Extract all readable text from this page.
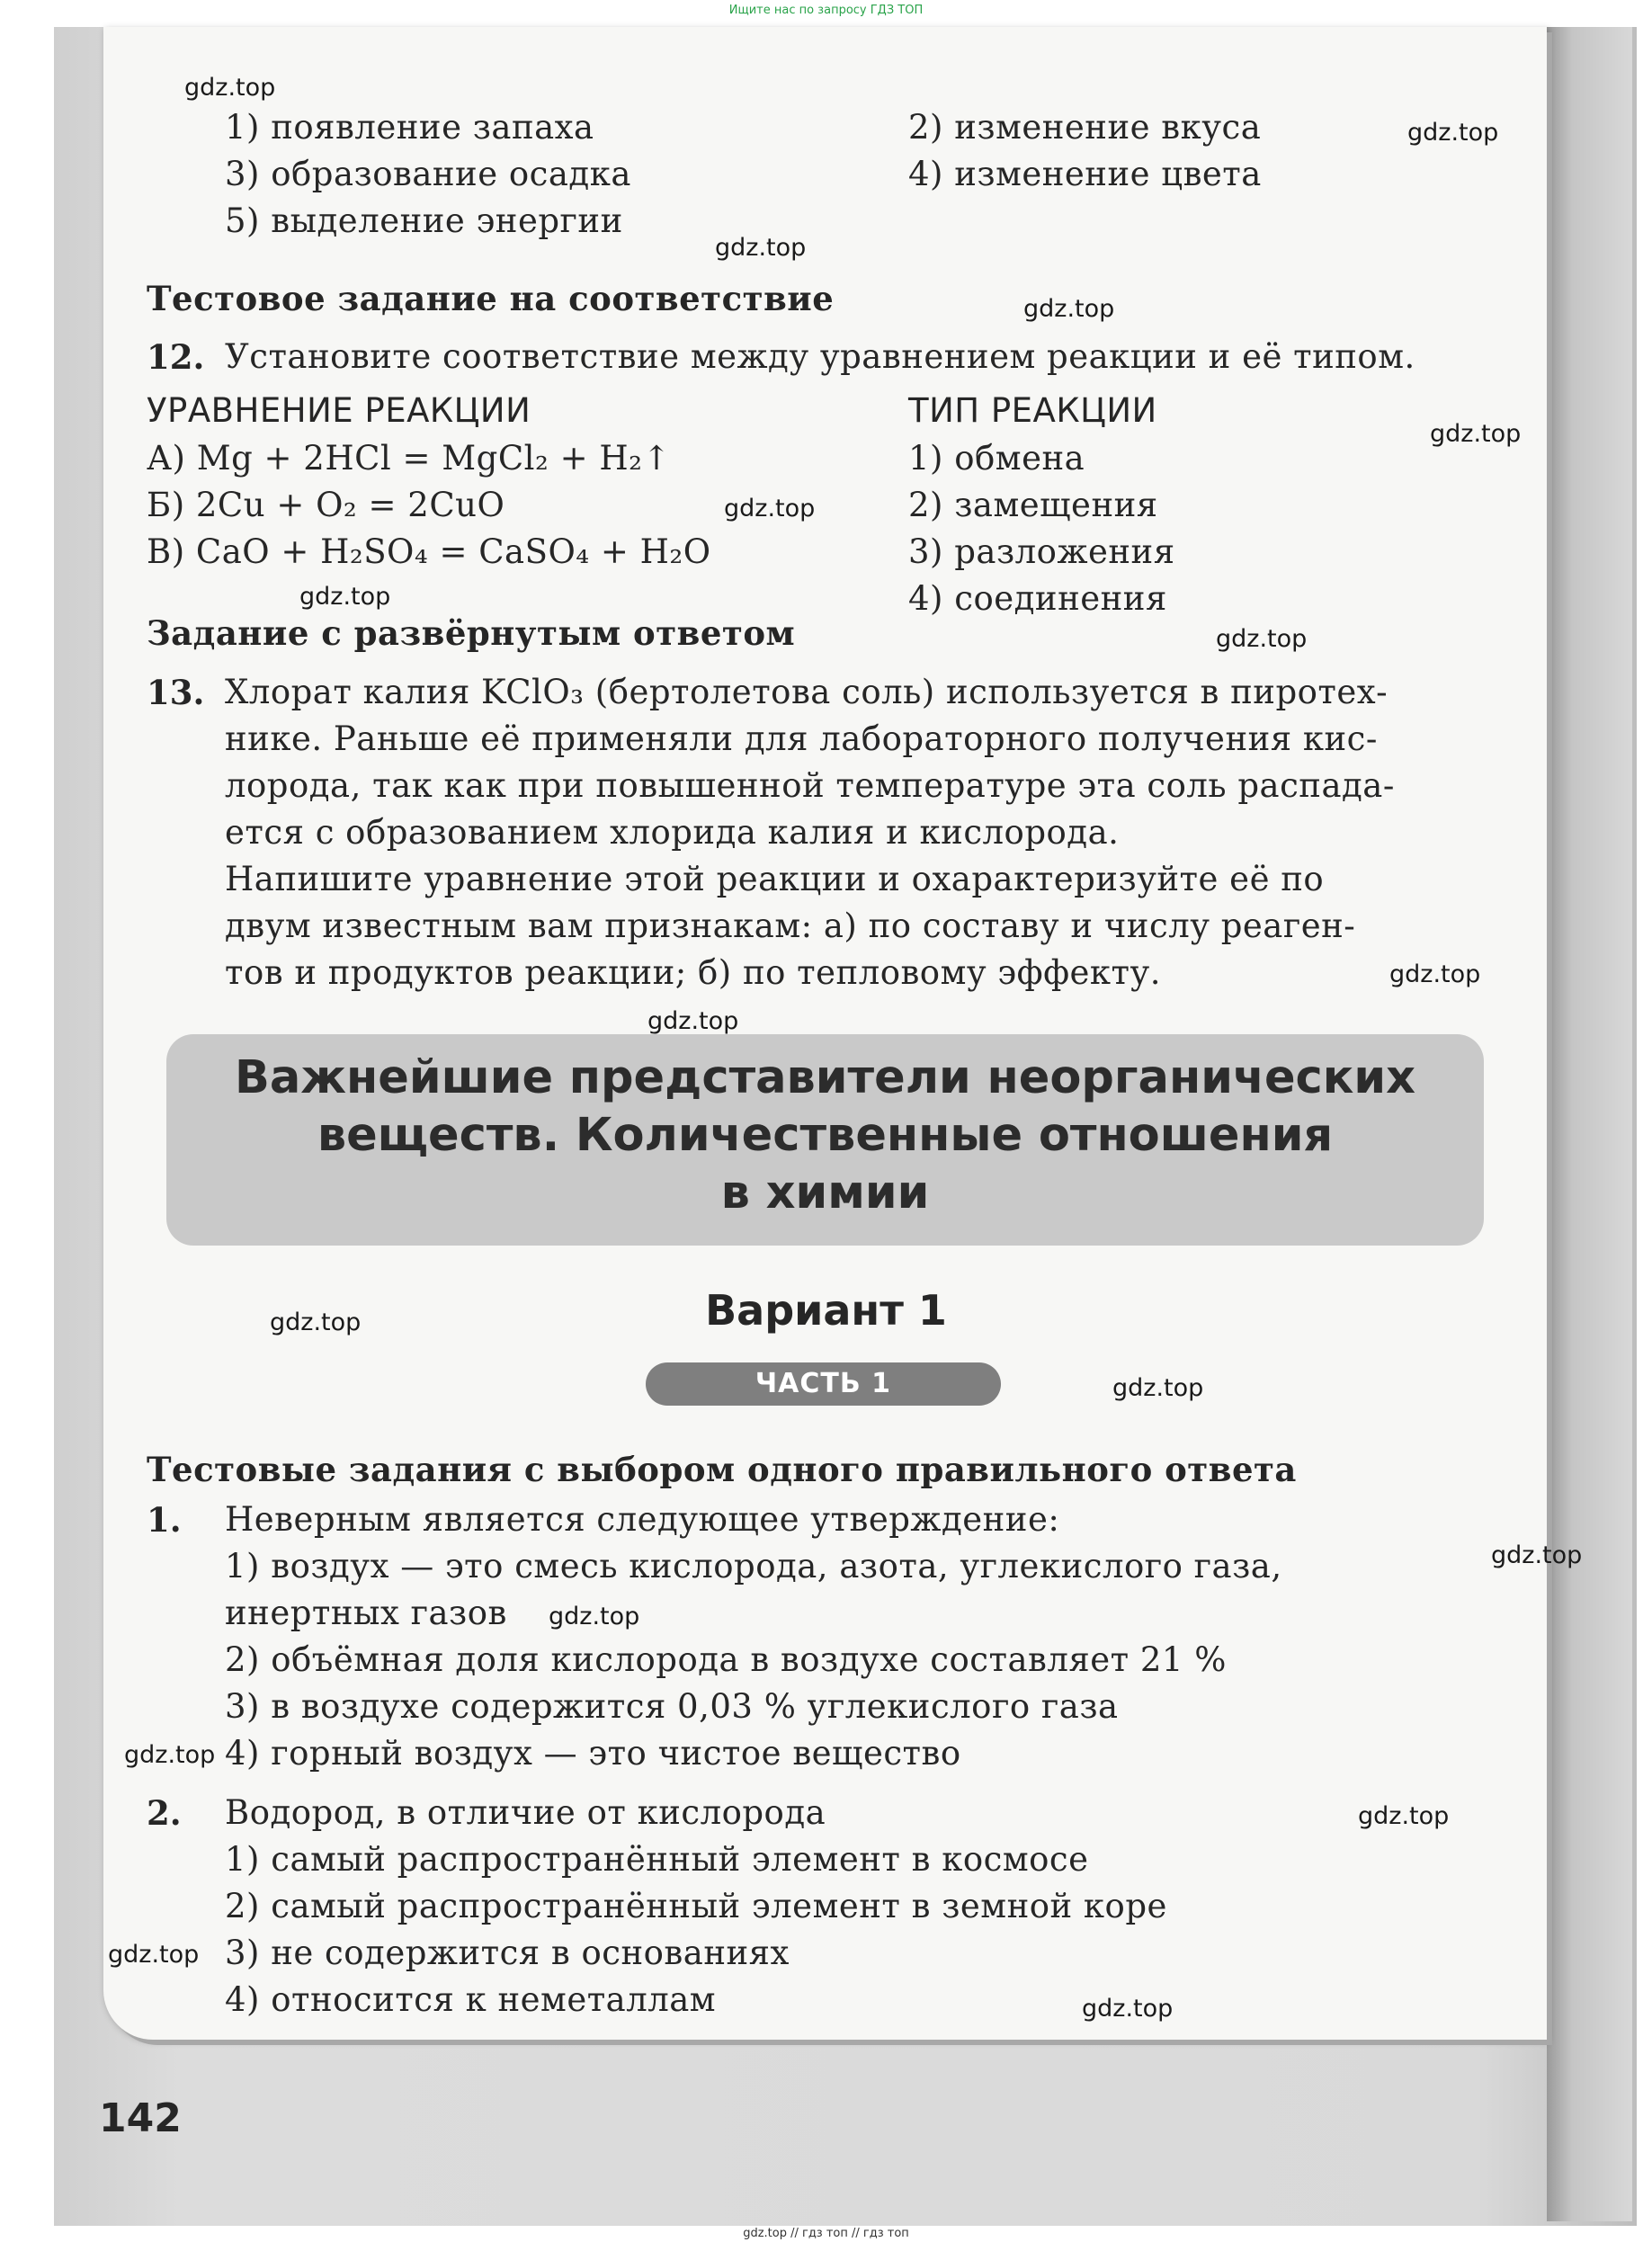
Ищите нас по запросу ГДЗ ТОП
1) появление запаха	2) изменение вкуса
3) образование осадка	4) изменение цвета
5) выделение энергии
Тестовое задание на соответствие
12. Установите соответствие между уравнением реакции и её типом.
УРАВНЕНИЕ РЕАКЦИИ	ТИП РЕАКЦИИ
А) Mg + 2HCl = MgCl₂ + H₂↑	1) обмена
Б) 2Cu + O₂ = 2CuO	2) замещения
В) CaO + H₂SO₄ = CaSO₄ + H₂O	3) разложения
4) соединения
Задание с развёрнутым ответом
13. Хлорат калия KClO₃ (бертолетова соль) используется в пиротех-
нике. Раньше её применяли для лабораторного получения кис-
лорода, так как при повышенной температуре эта соль распада-
ется с образованием хлорида калия и кислорода.
Напишите уравнение этой реакции и охарактеризуйте её по
двум известным вам признакам: а) по составу и числу реаген-
тов и продуктов реакции; б) по тепловому эффекту.
Важнейшие представители неорганических
веществ. Количественные отношения
в химии
Вариант 1
ЧАСТЬ 1
Тестовые задания с выбором одного правильного ответа
1. Неверным является следующее утверждение:
1) воздух — это смесь кислорода, азота, углекислого газа,
инертных газов
2) объёмная доля кислорода в воздухе составляет 21 %
3) в воздухе содержится 0,03 % углекислого газа
4) горный воздух — это чистое вещество
2. Водород, в отличие от кислорода
1) самый распространённый элемент в космосе
2) самый распространённый элемент в земной коре
3) не содержится в основаниях
4) относится к неметаллам
142
gdz.top
gdz.top
gdz.top
gdz.top
gdz.top
gdz.top
gdz.top
gdz.top
gdz.top
gdz.top
gdz.top
gdz.top
gdz.top
gdz.top
gdz.top
gdz.top
gdz.top
gdz.top
gdz.top // гдз топ // гдз топ
